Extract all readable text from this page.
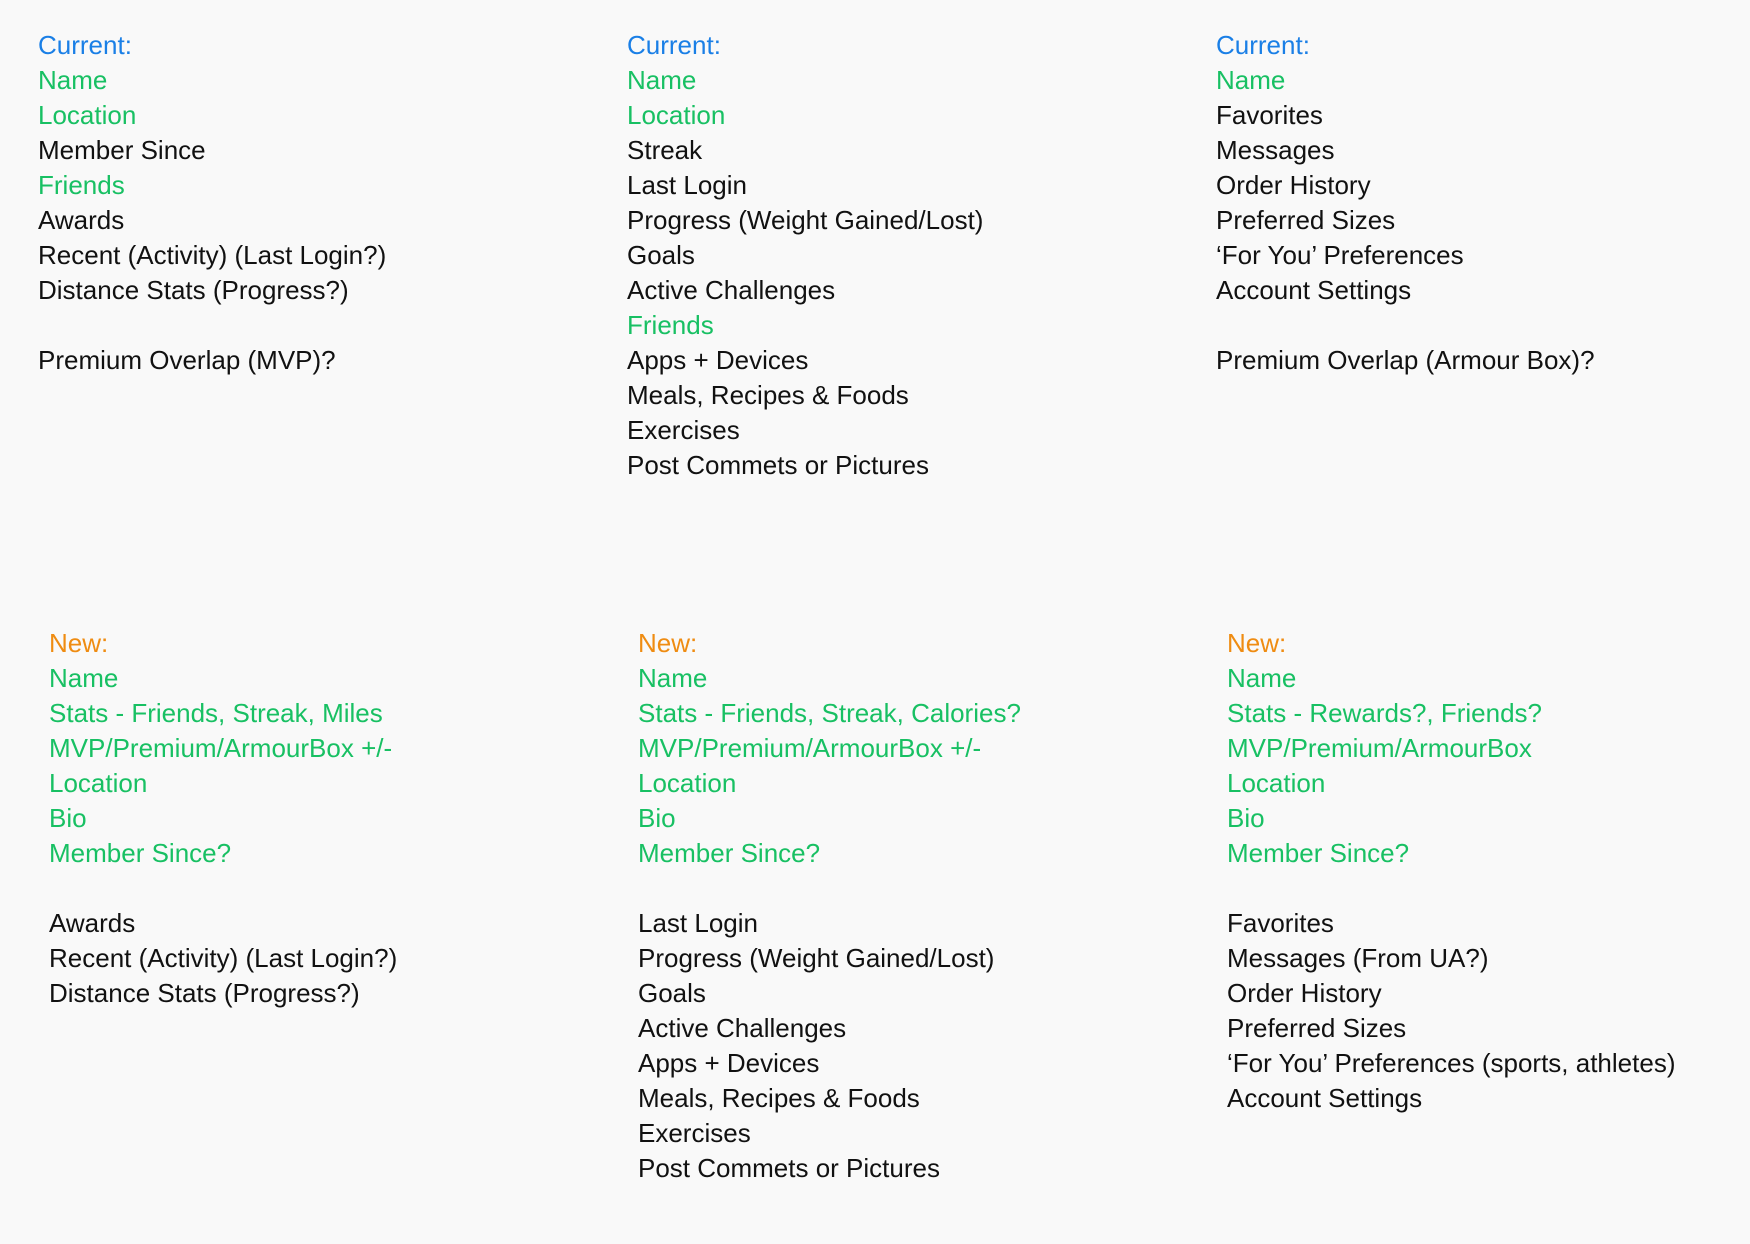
Current:
Name
Location
Member Since
Friends
Awards
Recent (Activity) (Last Login?)
Distance Stats (Progress?)
Premium Overlap (MVP)?
Current:
Name
Location
Streak
Last Login
Progress (Weight Gained/Lost)
Goals
Active Challenges
Friends
Apps + Devices
Meals, Recipes & Foods
Exercises
Post Commets or Pictures
Current:
Name
Favorites
Messages
Order History
Preferred Sizes
‘For You’ Preferences
Account Settings
Premium Overlap (Armour Box)?
New:
Name
Stats - Friends, Streak, Miles
MVP/Premium/ArmourBox +/-
Location
Bio
Member Since?
Awards
Recent (Activity) (Last Login?)
Distance Stats (Progress?)
New:
Name
Stats - Friends, Streak, Calories?
MVP/Premium/ArmourBox +/-
Location
Bio
Member Since?
Last Login
Progress (Weight Gained/Lost)
Goals
Active Challenges
Apps + Devices
Meals, Recipes & Foods
Exercises
Post Commets or Pictures
New:
Name
Stats - Rewards?, Friends?
MVP/Premium/ArmourBox
Location
Bio
Member Since?
Favorites
Messages (From UA?)
Order History
Preferred Sizes
‘For You’ Preferences (sports, athletes)
Account Settings
